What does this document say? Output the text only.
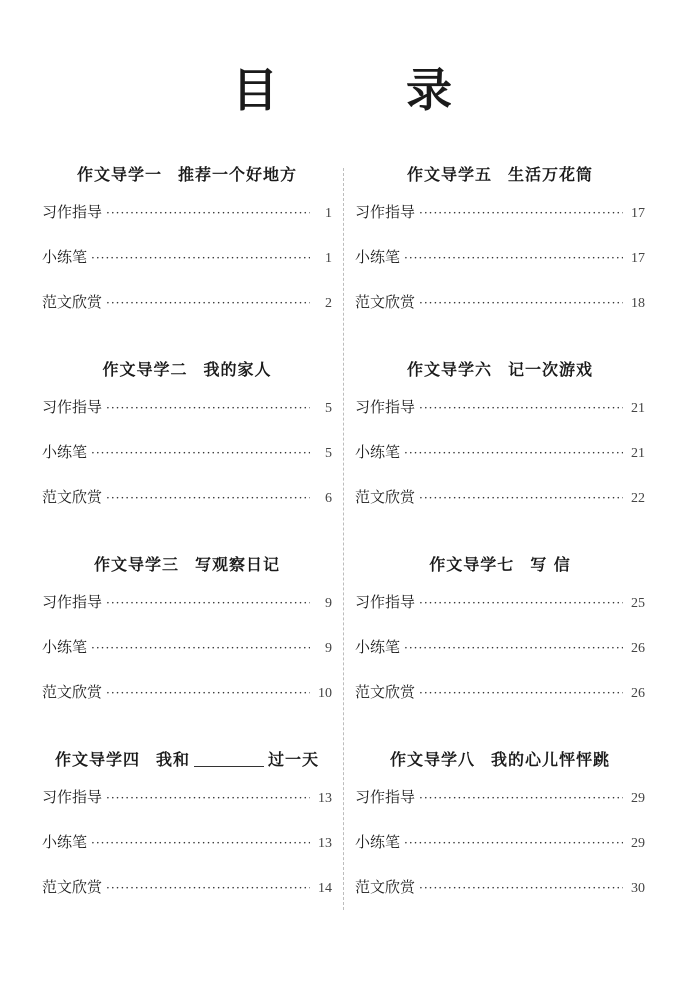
目 录
作文导学一 推荐一个好地方
习作指导 ·····	1
小练笔 ·····	1
范文欣赏 ·····	2
作文导学二 我的家人
习作指导 ·····	5
小练笔 ·····	5
范文欣赏 ·····	6
作文导学三 写观察日记
习作指导 ·····	9
小练笔 ·····	9
范文欣赏 ·····	10
作文导学四 我和	过一天
习作指导 ·····	13
小练笔 ·····	13
范文欣赏 ·····	14
作文导学五 生活万花筒
习作指导 ·····	17
小练笔 ·····	17
范文欣赏 ·····	18
作文导学六 记一次游戏
习作指导 ·····	21
小练笔 ·····	21
范文欣赏 ·····	22
作文导学七 写 信
习作指导 ·····	25
小练笔 ·····	26
范文欣赏 ·····	26
作文导学八 我的心儿怦怦跳
习作指导 ·····	29
小练笔 ·····	29
范文欣赏 ·····	30
